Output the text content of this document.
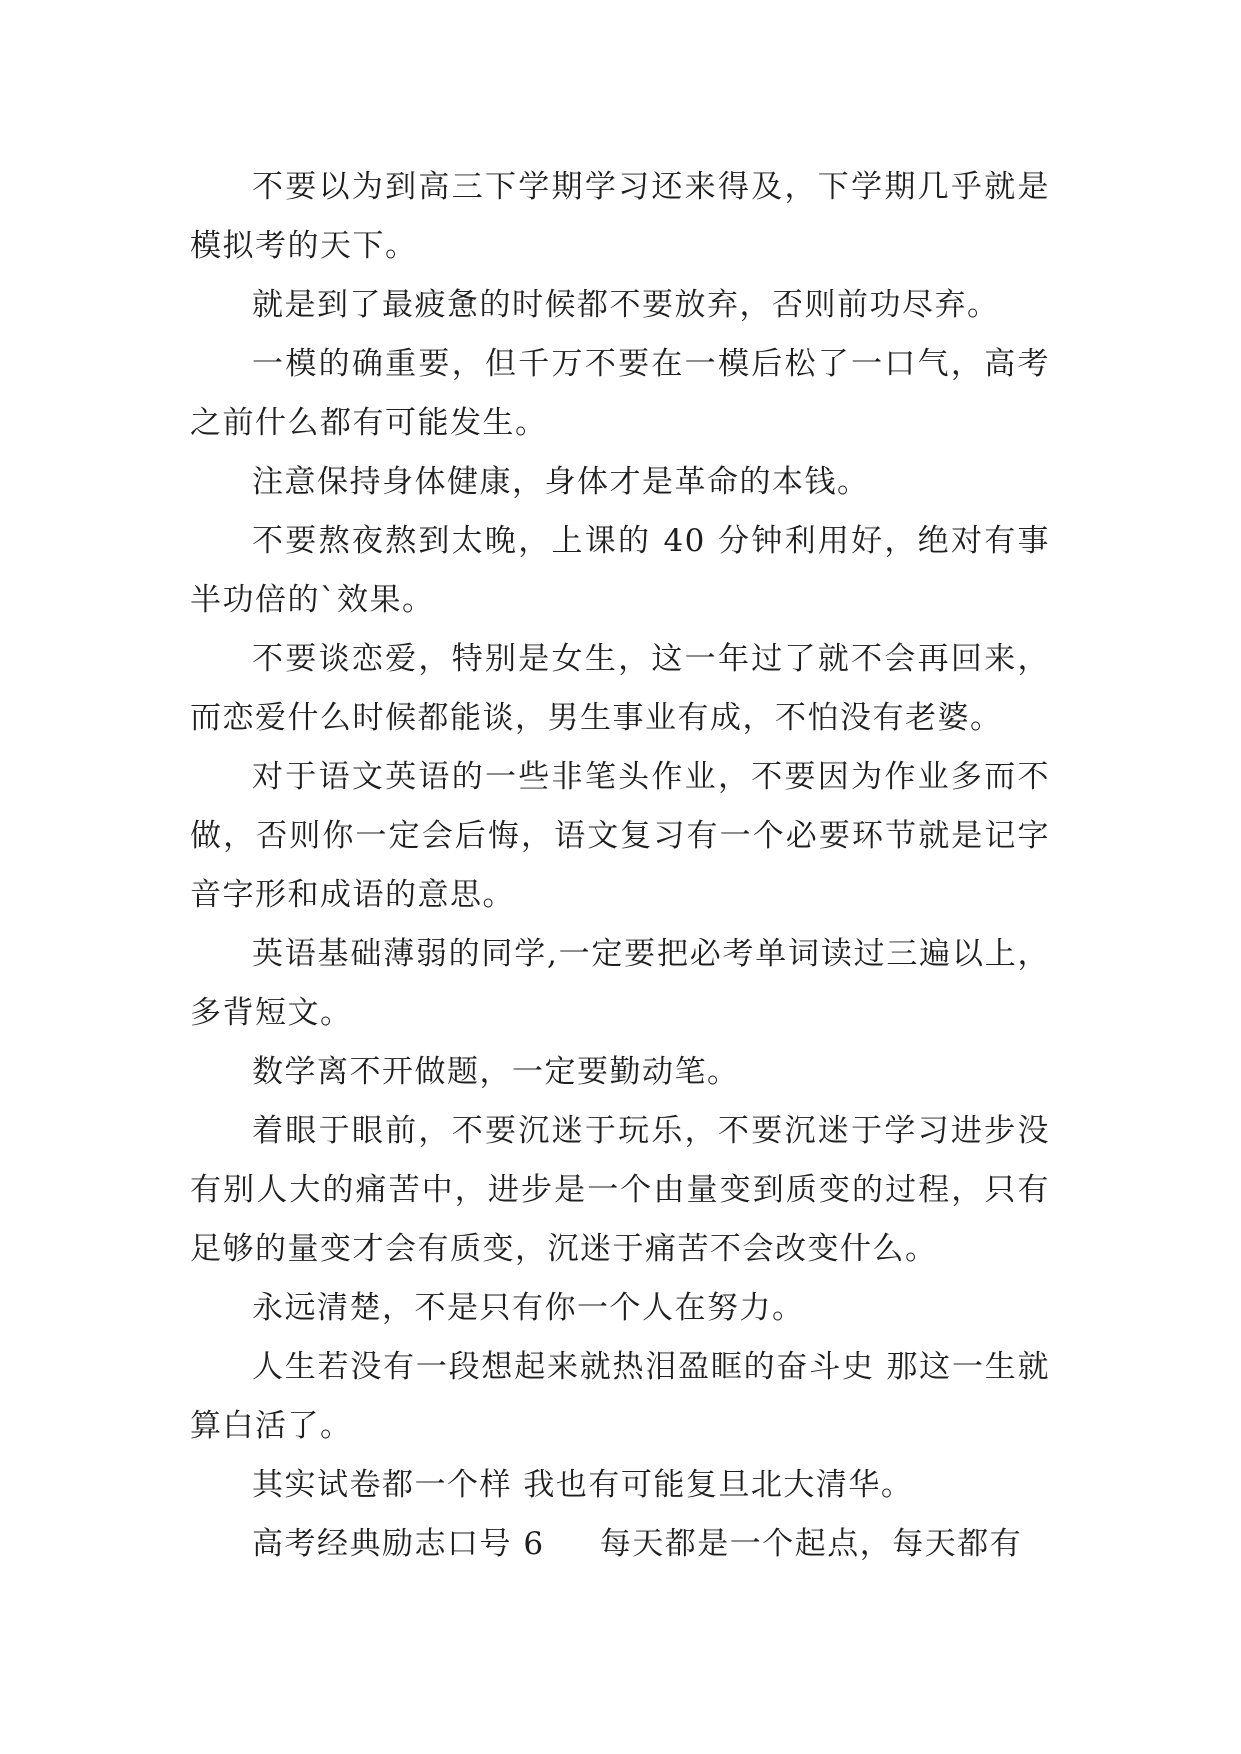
不要以为到高三下学期学习还来得及，下学期几乎就是模拟考的天下。

就是到了最疲惫的时候都不要放弃，否则前功尽弃。

一模的确重要，但千万不要在一模后松了一口气，高考之前什么都有可能发生。

注意保持身体健康，身体才是革命的本钱。

不要熬夜熬到太晚，上课的 40 分钟利用好，绝对有事半功倍的`效果。

不要谈恋爱，特别是女生，这一年过了就不会再回来，而恋爱什么时候都能谈，男生事业有成，不怕没有老婆。

对于语文英语的一些非笔头作业，不要因为作业多而不做，否则你一定会后悔，语文复习有一个必要环节就是记字音字形和成语的意思。

英语基础薄弱的同学,一定要把必考单词读过三遍以上，多背短文。

数学离不开做题，一定要勤动笔。

着眼于眼前，不要沉迷于玩乐，不要沉迷于学习进步没有别人大的痛苦中，进步是一个由量变到质变的过程，只有足够的量变才会有质变，沉迷于痛苦不会改变什么。

永远清楚，不是只有你一个人在努力。

人生若没有一段想起来就热泪盈眶的奋斗史 那这一生就算白活了。

其实试卷都一个样 我也有可能复旦北大清华。

高考经典励志口号 6 　 每天都是一个起点，每天都有
